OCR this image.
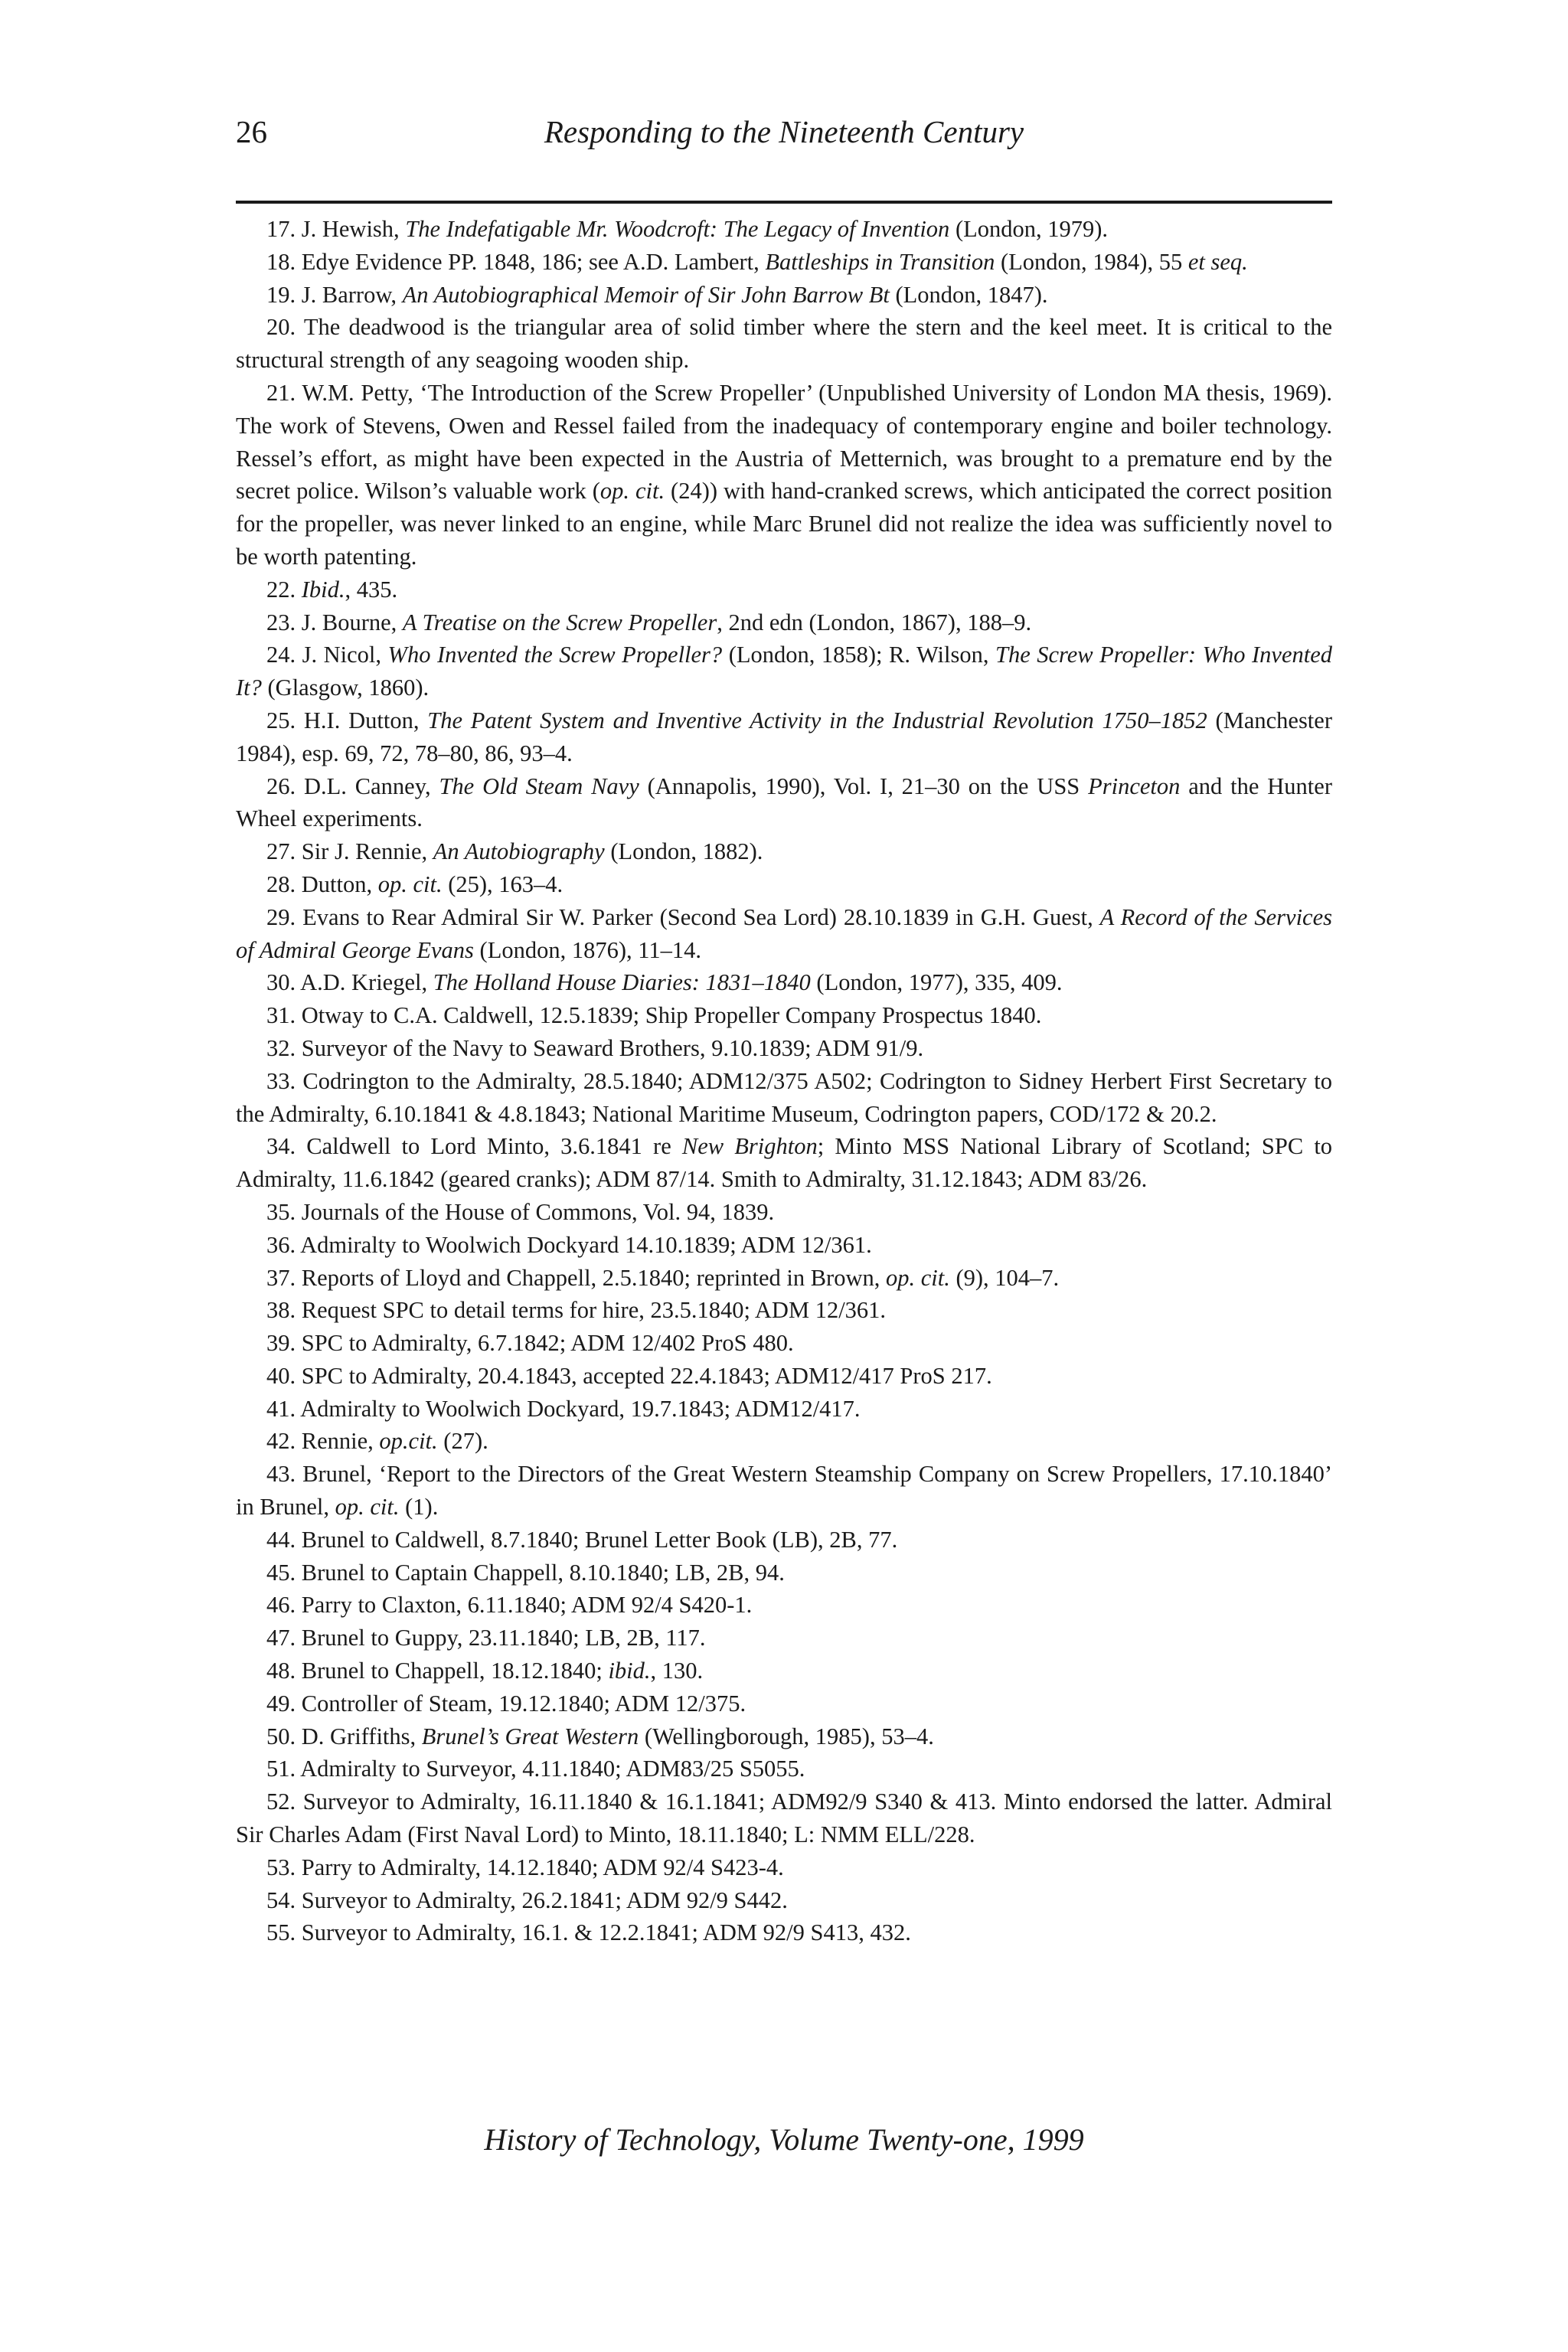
26	Responding to the Nineteenth Century

17. J. Hewish, The Indefatigable Mr. Woodcroft: The Legacy of Invention (London, 1979).

18. Edye Evidence PP. 1848, 186; see A.D. Lambert, Battleships in Transition (London, 1984), 55 et seq.

19. J. Barrow, An Autobiographical Memoir of Sir John Barrow Bt (London, 1847).

20. The deadwood is the triangular area of solid timber where the stern and the keel meet. It is critical to the structural strength of any seagoing wooden ship.

21. W.M. Petty, ‘The Introduction of the Screw Propeller’ (Unpublished University of London MA thesis, 1969). The work of Stevens, Owen and Ressel failed from the inadequacy of contemporary engine and boiler technology. Ressel’s effort, as might have been expected in the Austria of Metternich, was brought to a premature end by the secret police. Wilson’s valuable work (op. cit. (24)) with hand-cranked screws, which anticipated the correct position for the propeller, was never linked to an engine, while Marc Brunel did not realize the idea was sufficiently novel to be worth patenting.

22. Ibid., 435.

23. J. Bourne, A Treatise on the Screw Propeller, 2nd edn (London, 1867), 188–9.

24. J. Nicol, Who Invented the Screw Propeller? (London, 1858); R. Wilson, The Screw Propeller: Who Invented It? (Glasgow, 1860).

25. H.I. Dutton, The Patent System and Inventive Activity in the Industrial Revolution 1750–1852 (Manchester 1984), esp. 69, 72, 78–80, 86, 93–4.

26. D.L. Canney, The Old Steam Navy (Annapolis, 1990), Vol. I, 21–30 on the USS Princeton and the Hunter Wheel experiments.

27. Sir J. Rennie, An Autobiography (London, 1882).

28. Dutton, op. cit. (25), 163–4.

29. Evans to Rear Admiral Sir W. Parker (Second Sea Lord) 28.10.1839 in G.H. Guest, A Record of the Services of Admiral George Evans (London, 1876), 11–14.

30. A.D. Kriegel, The Holland House Diaries: 1831–1840 (London, 1977), 335, 409.

31. Otway to C.A. Caldwell, 12.5.1839; Ship Propeller Company Prospectus 1840.

32. Surveyor of the Navy to Seaward Brothers, 9.10.1839; ADM 91/9.

33. Codrington to the Admiralty, 28.5.1840; ADM12/375 A502; Codrington to Sidney Herbert First Secretary to the Admiralty, 6.10.1841 & 4.8.1843; National Maritime Museum, Codrington papers, COD/172 & 20.2.

34. Caldwell to Lord Minto, 3.6.1841 re New Brighton; Minto MSS National Library of Scotland; SPC to Admiralty, 11.6.1842 (geared cranks); ADM 87/14. Smith to Admiralty, 31.12.1843; ADM 83/26.

35. Journals of the House of Commons, Vol. 94, 1839.

36. Admiralty to Woolwich Dockyard 14.10.1839; ADM 12/361.

37. Reports of Lloyd and Chappell, 2.5.1840; reprinted in Brown, op. cit. (9), 104–7.

38. Request SPC to detail terms for hire, 23.5.1840; ADM 12/361.

39. SPC to Admiralty, 6.7.1842; ADM 12/402 ProS 480.

40. SPC to Admiralty, 20.4.1843, accepted 22.4.1843; ADM12/417 ProS 217.

41. Admiralty to Woolwich Dockyard, 19.7.1843; ADM12/417.

42. Rennie, op.cit. (27).

43. Brunel, ‘Report to the Directors of the Great Western Steamship Company on Screw Propellers, 17.10.1840’ in Brunel, op. cit. (1).

44. Brunel to Caldwell, 8.7.1840; Brunel Letter Book (LB), 2B, 77.

45. Brunel to Captain Chappell, 8.10.1840; LB, 2B, 94.

46. Parry to Claxton, 6.11.1840; ADM 92/4 S420-1.

47. Brunel to Guppy, 23.11.1840; LB, 2B, 117.

48. Brunel to Chappell, 18.12.1840; ibid., 130.

49. Controller of Steam, 19.12.1840; ADM 12/375.

50. D. Griffiths, Brunel’s Great Western (Wellingborough, 1985), 53–4.

51. Admiralty to Surveyor, 4.11.1840; ADM83/25 S5055.

52. Surveyor to Admiralty, 16.11.1840 & 16.1.1841; ADM92/9 S340 & 413. Minto endorsed the latter. Admiral Sir Charles Adam (First Naval Lord) to Minto, 18.11.1840; L: NMM ELL/228.

53. Parry to Admiralty, 14.12.1840; ADM 92/4 S423-4.

54. Surveyor to Admiralty, 26.2.1841; ADM 92/9 S442.

55. Surveyor to Admiralty, 16.1. & 12.2.1841; ADM 92/9 S413, 432.

History of Technology, Volume Twenty-one, 1999
